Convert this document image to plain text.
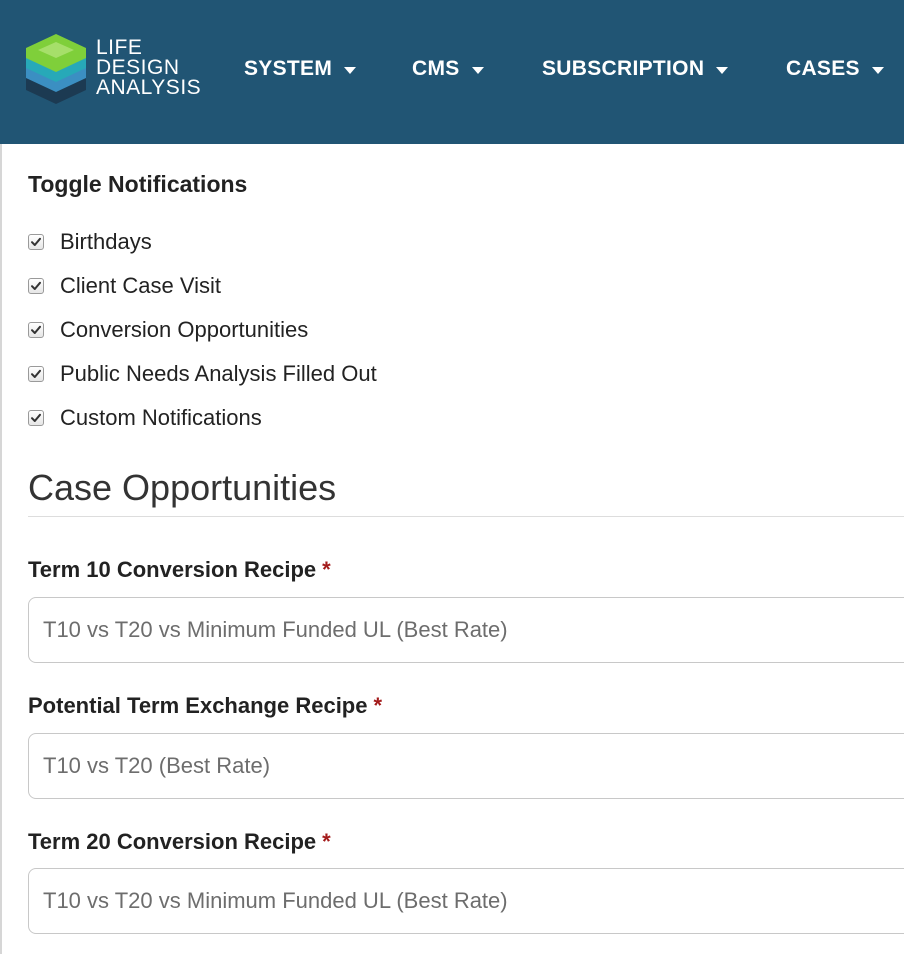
LIFE
DESIGN
ANALYSIS
SYSTEM	CMS	SUBSCRIPTION	CASES
Toggle Notifications
Birthdays
Client Case Visit
Conversion Opportunities
Public Needs Analysis Filled Out
Custom Notifications
Case Opportunities
Term 10 Conversion Recipe *
T10 vs T20 vs Minimum Funded UL (Best Rate)
Potential Term Exchange Recipe *
T10 vs T20 (Best Rate)
Term 20 Conversion Recipe *
T10 vs T20 vs Minimum Funded UL (Best Rate)
